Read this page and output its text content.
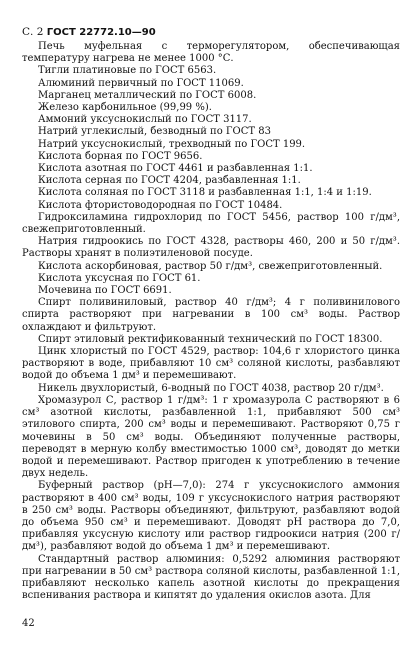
С. 2 ГОСТ 22772.10—90

Печь муфельная с терморегулятором, обеспечивающая температуру нагрева не менее 1000 °С.

Тигли платиновые по ГОСТ 6563.

Алюминий первичный по ГОСТ 11069.

Марганец металлический по ГОСТ 6008.

Железо карбонильное (99,99 %).

Аммоний уксуснокислый по ГОСТ 3117.

Натрий углекислый, безводный по ГОСТ 83

Натрий уксуснокислый, трехводный по ГОСТ 199.

Кислота борная по ГОСТ 9656.

Кислота азотная по ГОСТ 4461 и разбавленная 1:1.

Кислота серная по ГОСТ 4204, разбавленная 1:1.

Кислота соляная по ГОСТ 3118 и разбавленная 1:1, 1:4 и 1:19.

Кислота фтористоводородная по ГОСТ 10484.

Гидроксиламина гидрохлорид по ГОСТ 5456, раствор 100 г/дм³, свежеприготовленный.

Натрия гидроокись по ГОСТ 4328, растворы 460, 200 и 50 г/дм³. Растворы хранят в полиэтиленовой посуде.

Кислота аскорбиновая, раствор 50 г/дм³, свежеприготовленный.

Кислота уксусная по ГОСТ 61.

Мочевина по ГОСТ 6691.

Спирт поливиниловый, раствор 40 г/дм³; 4 г поливинилового спирта растворяют при нагревании в 100 см³ воды. Раствор охлаждают и фильтруют.

Спирт этиловый ректификованный технический по ГОСТ 18300.

Цинк хлористый по ГОСТ 4529, раствор: 104,6 г хлористого цинка растворяют в воде, прибавляют 10 см³ соляной кислоты, разбавляют водой до объема 1 дм³ и перемешивают.

Никель двухлористый, 6-водный по ГОСТ 4038, раствор 20 г/дм³.

Хромазурол С, раствор 1 г/дм³: 1 г хромазурола С растворяют в 6 см³ азотной кислоты, разбавленной 1:1, прибавляют 500 см³ этилового спирта, 200 см³ воды и перемешивают. Растворяют 0,75 г мочевины в 50 см³ воды. Объединяют полученные растворы, переводят в мерную колбу вместимостью 1000 см³, доводят до метки водой и перемешивают. Раствор пригоден к употреблению в течение двух недель.

Буферный раствор (рН—7,0): 274 г уксуснокислого аммония растворяют в 400 см³ воды, 109 г уксуснокислого натрия растворяют в 250 см³ воды. Растворы объединяют, фильтруют, разбавляют водой до объема 950 см³ и перемешивают. Доводят рН раствора до 7,0, прибавляя уксусную кислоту или раствор гидроокиси натрия (200 г/дм³), разбавляют водой до объема 1 дм³ и перемешивают.

Стандартный раствор алюминия: 0,5292 алюминия растворяют при нагревании в 50 см³ раствора соляной кислоты, разбавленной 1:1, прибавляют несколько капель азотной кислоты до прекращения вспенивания раствора и кипятят до удаления окислов азота. Для

42
